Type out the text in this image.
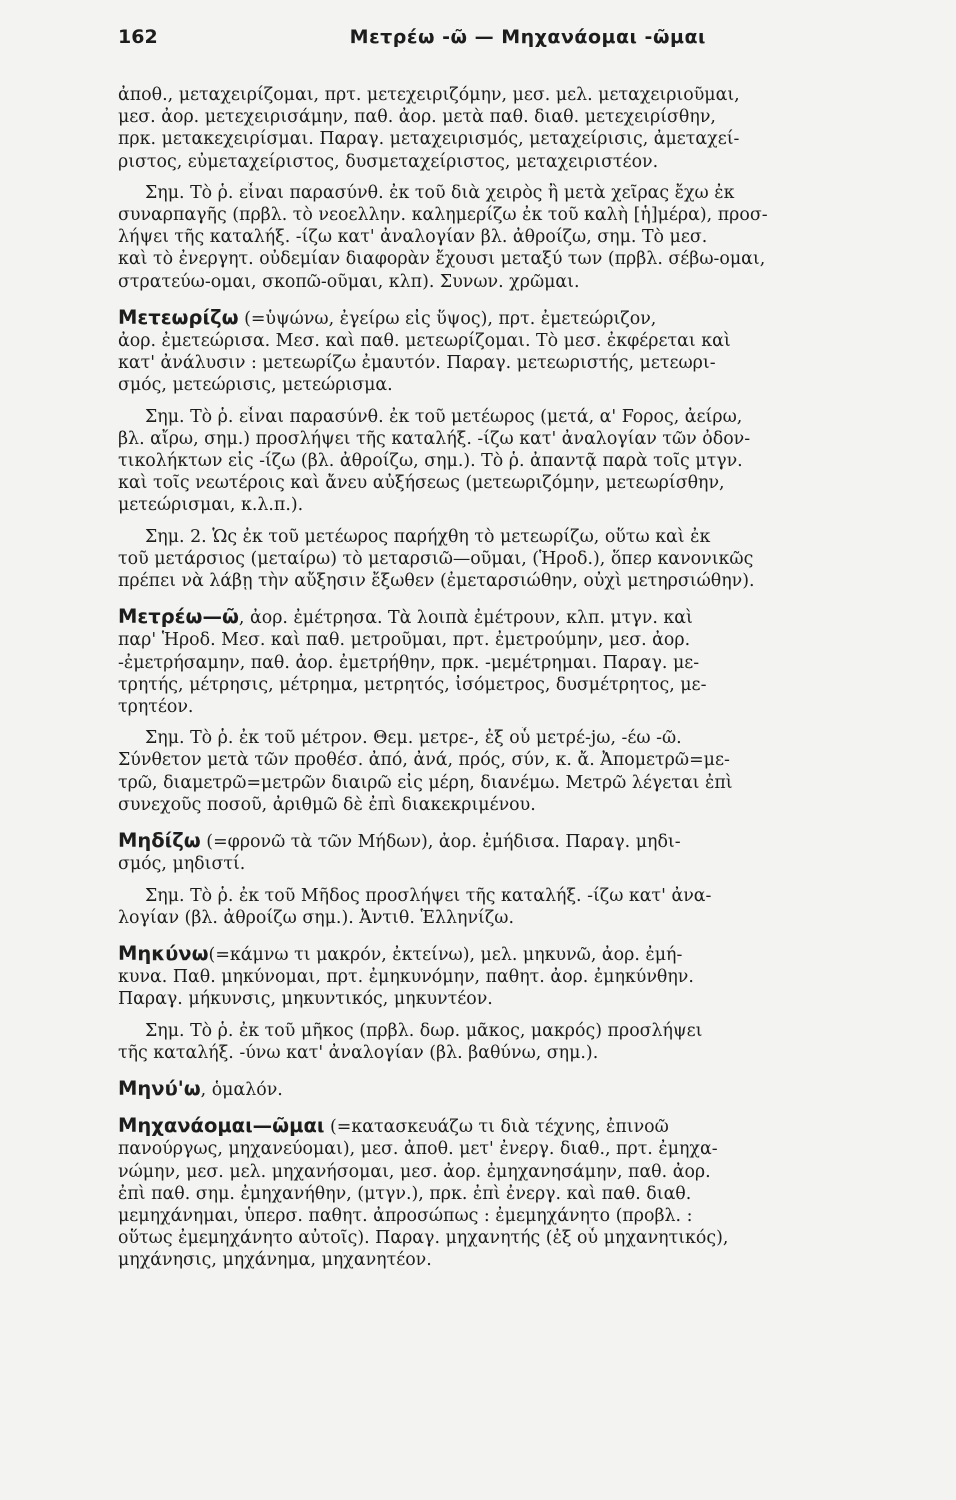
162	Μετρέω -ῶ — Μηχανάομαι -ῶμαι
ἀποθ., μεταχειρίζομαι, πρτ. μετεχειριζόμην, μεσ. μελ. μεταχειριοῦμαι,
μεσ. ἀορ. μετεχειρισάμην, παθ. ἀορ. μετὰ παθ. διαθ. μετεχειρίσθην,
πρκ. μετακεχειρίσμαι. Παραγ. μεταχειρισμός, μεταχείρισις, ἀμεταχεί-
ριστος, εὐμεταχείριστος, δυσμεταχείριστος, μεταχειριστέον.
Σημ. Τὸ ῥ. εἶναι παρασύνθ. ἐκ τοῦ διὰ χειρὸς ἢ μετὰ χεῖρας ἔχω ἐκ
συναρπαγῆς (πρβλ. τὸ νεοελλην. καλημερίζω ἐκ τοῦ καλὴ [ἡ]μέρα), προσ-
λήψει τῆς καταλήξ. -ίζω κατ' ἀναλογίαν βλ. ἀθροίζω, σημ. Τὸ μεσ.
καὶ τὸ ἐνεργητ. οὐδεμίαν διαφορὰν ἔχουσι μεταξύ των (πρβλ. σέβω-ομαι,
στρατεύω-ομαι, σκοπῶ-οῦμαι, κλπ). Συνων. χρῶμαι.
Μετεωρίζω (=ὑψώνω, ἐγείρω εἰς ὕψος), πρτ. ἐμετεώριζον,
ἀορ. ἐμετεώρισα. Μεσ. καὶ παθ. μετεωρίζομαι. Τὸ μεσ. ἐκφέρεται καὶ
κατ' ἀνάλυσιν : μετεωρίζω ἐμαυτόν. Παραγ. μετεωριστής, μετεωρι-
σμός, μετεώρισις, μετεώρισμα.
Σημ. Τὸ ῥ. εἶναι παρασύνθ. ἐκ τοῦ μετέωρος (μετά, α' Foρος, ἀείρω,
βλ. αἴρω, σημ.) προσλήψει τῆς καταλήξ. -ίζω κατ' ἀναλογίαν τῶν ὀδον-
τικολήκτων εἰς -ίζω (βλ. ἀθροίζω, σημ.). Τὸ ῥ. ἀπαντᾷ παρὰ τοῖς μτγν.
καὶ τοῖς νεωτέροις καὶ ἄνευ αὐξήσεως (μετεωριζόμην, μετεωρίσθην,
μετεώρισμαι, κ.λ.π.).
Σημ. 2. Ὡς ἐκ τοῦ μετέωρος παρήχθη τὸ μετεωρίζω, οὕτω καὶ ἐκ
τοῦ μετάρσιος (μεταίρω) τὸ μεταρσιῶ—οῦμαι, (Ἡροδ.), ὅπερ κανονικῶς
πρέπει νὰ λάβῃ τὴν αὔξησιν ἔξωθεν (ἐμεταρσιώθην, οὐχὶ μετηρσιώθην).
Μετρέω—ῶ, ἀορ. ἐμέτρησα. Τὰ λοιπὰ ἐμέτρουν, κλπ. μτγν. καὶ
παρ' Ἡροδ. Μεσ. καὶ παθ. μετροῦμαι, πρτ. ἐμετρούμην, μεσ. ἀορ.
-ἐμετρήσαμην, παθ. ἀορ. ἐμετρήθην, πρκ. -μεμέτρημαι. Παραγ. με-
τρητής, μέτρησις, μέτρημα, μετρητός, ἰσόμετρος, δυσμέτρητος, με-
τρητέον.
Σημ. Τὸ ῥ. ἐκ τοῦ μέτρον. Θεμ. μετρε-, ἐξ οὗ μετρέ-jω, -έω -ῶ.
Σύνθετον μετὰ τῶν προθέσ. ἀπό, ἀνά, πρός, σύν, κ. ἄ. Ἀπομετρῶ=με-
τρῶ, διαμετρῶ=μετρῶν διαιρῶ εἰς μέρη, διανέμω. Μετρῶ λέγεται ἐπὶ
συνεχοῦς ποσοῦ, ἀριθμῶ δὲ ἐπὶ διακεκριμένου.
Μηδίζω (=φρονῶ τὰ τῶν Μήδων), ἀορ. ἐμήδισα. Παραγ. μηδι-
σμός, μηδιστί.
Σημ. Τὸ ῥ. ἐκ τοῦ Μῆδος προσλήψει τῆς καταλήξ. -ίζω κατ' ἀνα-
λογίαν (βλ. ἀθροίζω σημ.). Ἀντιθ. Ἑλληνίζω.
Μηκύνω(=κάμνω τι μακρόν, ἐκτείνω), μελ. μηκυνῶ, ἀορ. ἐμή-
κυνα. Παθ. μηκύνομαι, πρτ. ἐμηκυνόμην, παθητ. ἀορ. ἐμηκύνθην.
Παραγ. μήκυνσις, μηκυντικός, μηκυντέον.
Σημ. Τὸ ῥ. ἐκ τοῦ μῆκος (πρβλ. δωρ. μᾶκος, μακρός) προσλήψει
τῆς καταλήξ. -ύνω κατ' ἀναλογίαν (βλ. βαθύνω, σημ.).
Μηνύ'ω, ὁμαλόν.
Μηχανάομαι—ῶμαι (=κατασκευάζω τι διὰ τέχνης, ἐπινοῶ
πανούργως, μηχανεύομαι), μεσ. ἀποθ. μετ' ἐνεργ. διαθ., πρτ. ἐμηχα-
νώμην, μεσ. μελ. μηχανήσομαι, μεσ. ἀορ. ἐμηχανησάμην, παθ. ἀορ.
ἐπὶ παθ. σημ. ἐμηχανήθην, (μτγν.), πρκ. ἐπὶ ἐνεργ. καὶ παθ. διαθ.
μεμηχάνημαι, ὑπερσ. παθητ. ἀπροσώπως : ἐμεμηχάνητο (προβλ. :
οὕτως ἐμεμηχάνητο αὐτοῖς). Παραγ. μηχανητής (ἐξ οὗ μηχανητικός),
μηχάνησις, μηχάνημα, μηχανητέον.
